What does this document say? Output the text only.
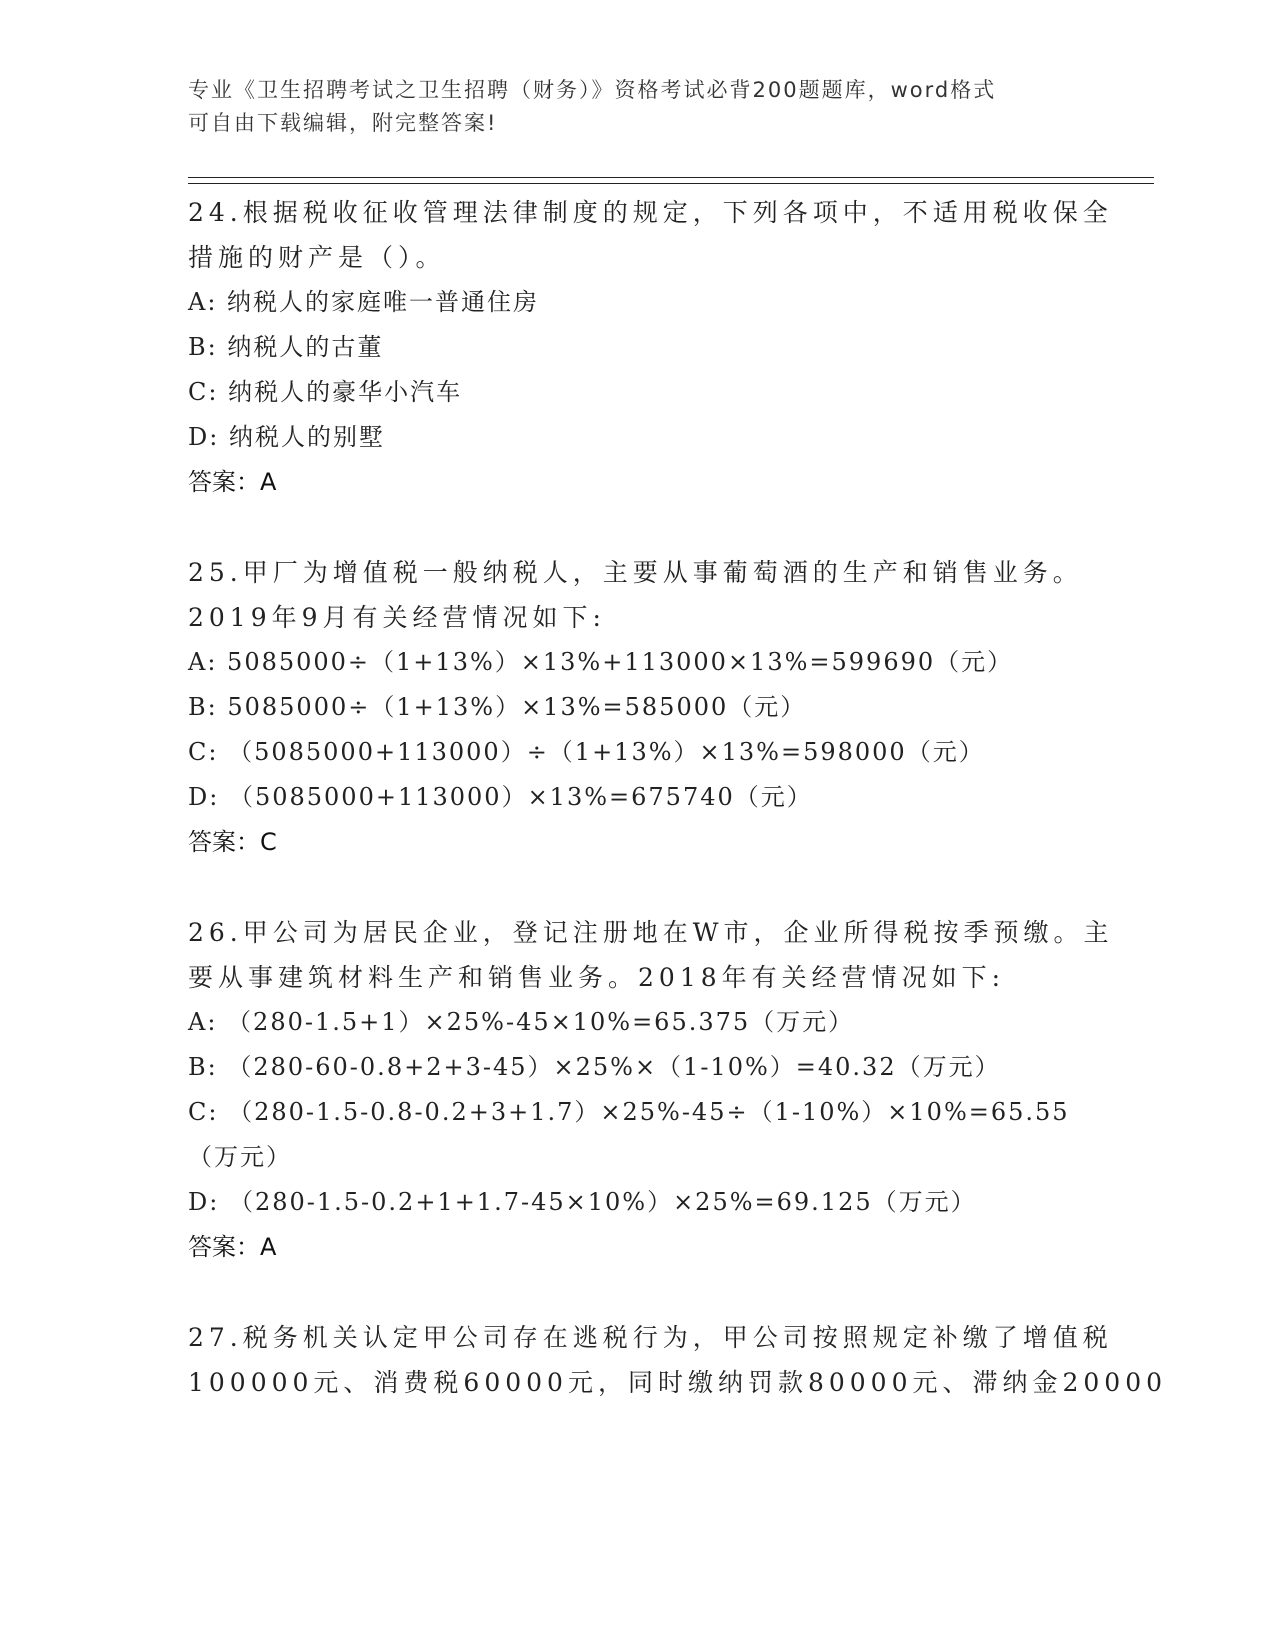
专业《卫生招聘考试之卫生招聘（财务）》资格考试必背200题题库，word格式
可自由下载编辑，附完整答案!
24.根据税收征收管理法律制度的规定，下列各项中，不适用税收保全
措施的财产是（）。
A: 纳税人的家庭唯一普通住房
B: 纳税人的古董
C: 纳税人的豪华小汽车
D: 纳税人的别墅
答案：A
25.甲厂为增值税一般纳税人，主要从事葡萄酒的生产和销售业务。
2019年9月有关经营情况如下:
A: 5085000÷（1+13%）×13%+113000×13%=599690（元）
B: 5085000÷（1+13%）×13%=585000（元）
C: （5085000+113000）÷（1+13%）×13%=598000（元）
D: （5085000+113000）×13%=675740（元）
答案：C
26.甲公司为居民企业，登记注册地在W市，企业所得税按季预缴。主
要从事建筑材料生产和销售业务。2018年有关经营情况如下:
A: （280-1.5+1）×25%-45×10%=65.375（万元）
B: （280-60-0.8+2+3-45）×25%×（1-10%）=40.32（万元）
C: （280-1.5-0.8-0.2+3+1.7）×25%-45÷（1-10%）×10%=65.55（万元）
D: （280-1.5-0.2+1+1.7-45×10%）×25%=69.125（万元）
答案：A
27.税务机关认定甲公司存在逃税行为，甲公司按照规定补缴了增值税
100000元、消费税60000元，同时缴纳罚款80000元、滞纳金20000
